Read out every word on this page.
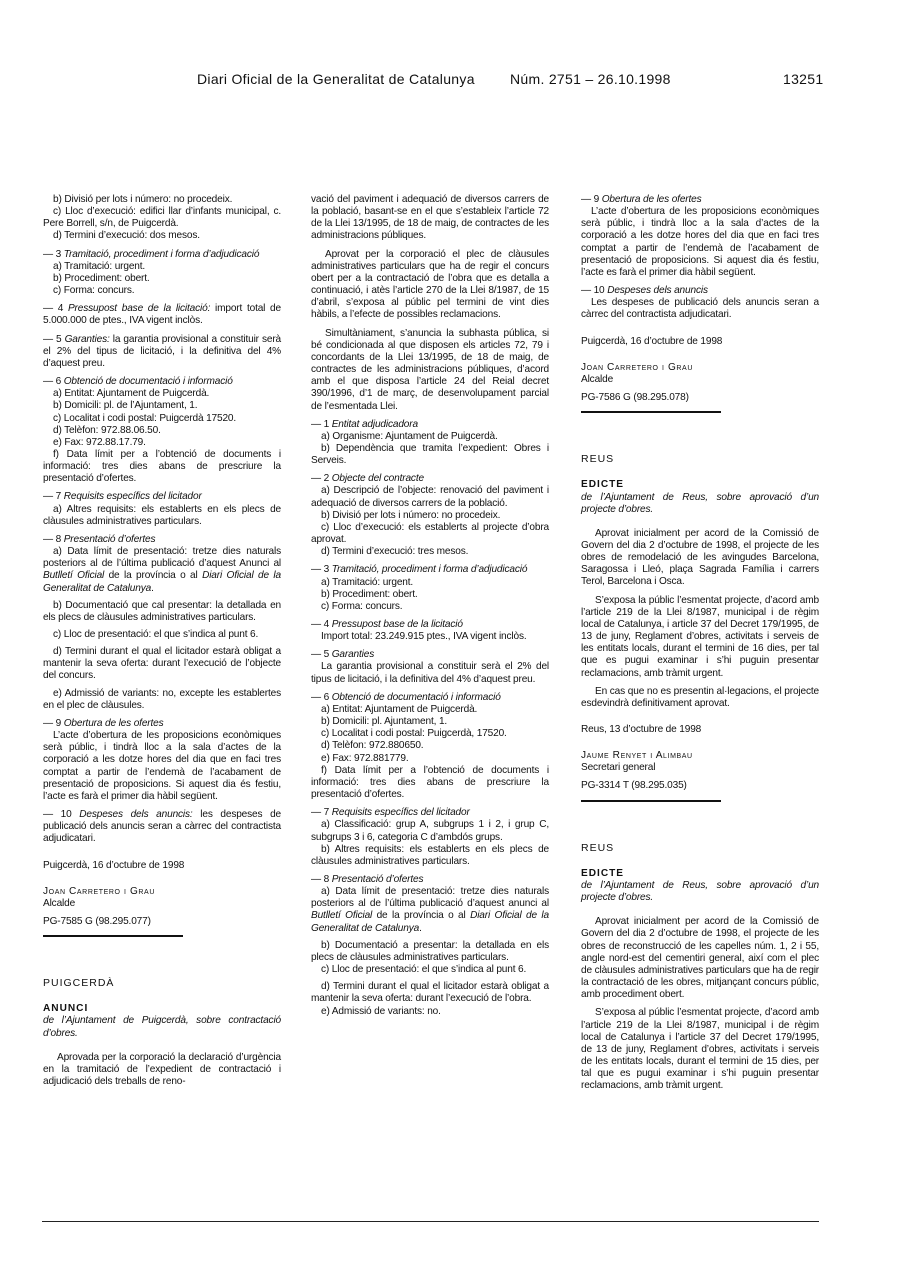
Diari Oficial de la Generalitat de Catalunya	Núm. 2751 – 26.10.1998	13251

b) Divisió per lots i número: no procedeix.

c) Lloc d’execució: edifici llar d’infants municipal, c. Pere Borrell, s/n, de Puigcerdà.

d) Termini d’execució: dos mesos.

— 3 Tramitació, procediment i forma d’adjudicació

a) Tramitació: urgent.

b) Procediment: obert.

c) Forma: concurs.

— 4 Pressupost base de la licitació: import total de 5.000.000 de ptes., IVA vigent inclòs.

— 5 Garanties: la garantia provisional a constituir serà el 2% del tipus de licitació, i la definitiva del 4% d’aquest preu.

— 6 Obtenció de documentació i informació

a) Entitat: Ajuntament de Puigcerdà.

b) Domicili: pl. de l’Ajuntament, 1.

c) Localitat i codi postal: Puigcerdà 17520.

d) Telèfon: 972.88.06.50.

e) Fax: 972.88.17.79.

f) Data límit per a l’obtenció de documents i informació: tres dies abans de prescriure la presentació d’ofertes.

— 7 Requisits específics del licitador

a) Altres requisits: els establerts en els plecs de clàusules administratives particulars.

— 8 Presentació d’ofertes

a) Data límit de presentació: tretze dies naturals posteriors al de l’última publicació d’aquest Anunci al Butlletí Oficial de la província o al Diari Oficial de la Generalitat de Catalunya.

b) Documentació que cal presentar: la detallada en els plecs de clàusules administratives particulars.

c) Lloc de presentació: el que s’indica al punt 6.

d) Termini durant el qual el licitador estarà obligat a mantenir la seva oferta: durant l’execució de l’objecte del concurs.

e) Admissió de variants: no, excepte les establertes en el plec de clàusules.

— 9 Obertura de les ofertes

L’acte d’obertura de les proposicions econòmiques serà públic, i tindrà lloc a la sala d’actes de la corporació a les dotze hores del dia que en faci tres comptat a partir de l’endemà de l’acabament de presentació de proposicions. Si aquest dia és festiu, l’acte es farà el primer dia hàbil següent.

— 10 Despeses dels anuncis: les despeses de publicació dels anuncis seran a càrrec del contractista adjudicatari.

Puigcerdà, 16 d’octubre de 1998

Joan Carretero i Grau

Alcalde

PG-7585 G (98.295.077)

PUIGCERDÀ

ANUNCI

de l’Ajuntament de Puigcerdà, sobre contractació d’obres.

Aprovada per la corporació la declaració d’urgència en la tramitació de l’expedient de contractació i adjudicació dels treballs de reno-

vació del paviment i adequació de diversos carrers de la població, basant-se en el que s’estableix l’article 72 de la Llei 13/1995, de 18 de maig, de contractes de les administracions públiques.

Aprovat per la corporació el plec de clàusules administratives particulars que ha de regir el concurs obert per a la contractació de l’obra que es detalla a continuació, i atès l’article 270 de la Llei 8/1987, de 15 d’abril, s’exposa al públic pel termini de vint dies hàbils, a l’efecte de possibles reclamacions.

Simultàniament, s’anuncia la subhasta pública, si bé condicionada al que disposen els articles 72, 79 i concordants de la Llei 13/1995, de 18 de maig, de contractes de les administracions públiques, d’acord amb el que disposa l’article 24 del Reial decret 390/1996, d’1 de març, de desenvolupament parcial de l’esmentada Llei.

— 1 Entitat adjudicadora

a) Organisme: Ajuntament de Puigcerdà.

b) Dependència que tramita l’expedient: Obres i Serveis.

— 2 Objecte del contracte

a) Descripció de l’objecte: renovació del paviment i adequació de diversos carrers de la població.

b) Divisió per lots i número: no procedeix.

c) Lloc d’execució: els establerts al projecte d’obra aprovat.

d) Termini d’execució: tres mesos.

— 3 Tramitació, procediment i forma d’adjudicació

a) Tramitació: urgent.

b) Procediment: obert.

c) Forma: concurs.

— 4 Pressupost base de la licitació

Import total: 23.249.915 ptes., IVA vigent inclòs.

— 5 Garanties

La garantia provisional a constituir serà el 2% del tipus de licitació, i la definitiva del 4% d’aquest preu.

— 6 Obtenció de documentació i informació

a) Entitat: Ajuntament de Puigcerdà.

b) Domicili: pl. Ajuntament, 1.

c) Localitat i codi postal: Puigcerdà, 17520.

d) Telèfon: 972.880650.

e) Fax: 972.881779.

f) Data límit per a l’obtenció de documents i informació: tres dies abans de prescriure la presentació d’ofertes.

— 7 Requisits específics del licitador

a) Classificació: grup A, subgrups 1 i 2, i grup C, subgrups 3 i 6, categoria C d’ambdós grups.

b) Altres requisits: els establerts en els plecs de clàusules administratives particulars.

— 8 Presentació d’ofertes

a) Data límit de presentació: tretze dies naturals posteriors al de l’última publicació d’aquest anunci al Butlletí Oficial de la província o al Diari Oficial de la Generalitat de Catalunya.

b) Documentació a presentar: la detallada en els plecs de clàusules administratives particulars.

c) Lloc de presentació: el que s’indica al punt 6.

d) Termini durant el qual el licitador estarà obligat a mantenir la seva oferta: durant l’execució de l’obra.

e) Admissió de variants: no.

— 9 Obertura de les ofertes

L’acte d’obertura de les proposicions econòmiques serà públic, i tindrà lloc a la sala d’actes de la corporació a les dotze hores del dia que en faci tres comptat a partir de l’endemà de l’acabament de presentació de proposicions. Si aquest dia és festiu, l’acte es farà el primer dia hàbil següent.

— 10 Despeses dels anuncis

Les despeses de publicació dels anuncis seran a càrrec del contractista adjudicatari.

Puigcerdà, 16 d’octubre de 1998

Joan Carretero i Grau

Alcalde

PG-7586 G (98.295.078)

REUS

EDICTE

de l’Ajuntament de Reus, sobre aprovació d’un projecte d’obres.

Aprovat inicialment per acord de la Comissió de Govern del dia 2 d’octubre de 1998, el projecte de les obres de remodelació de les avingudes Barcelona, Saragossa i Lleó, plaça Sagrada Família i carrers Terol, Barcelona i Osca.

S’exposa la públic l’esmentat projecte, d’acord amb l’article 219 de la Llei 8/1987, municipal i de règim local de Catalunya, i article 37 del Decret 179/1995, de 13 de juny, Reglament d’obres, activitats i serveis de les entitats locals, durant el termini de 16 dies, per tal que es pugui examinar i s’hi puguin presentar reclamacions, amb tràmit urgent.

En cas que no es presentin al·legacions, el projecte esdevindrà definitivament aprovat.

Reus, 13 d’octubre de 1998

Jaume Renyet i Alimbau

Secretari general

PG-3314 T (98.295.035)

REUS

EDICTE

de l’Ajuntament de Reus, sobre aprovació d’un projecte d’obres.

Aprovat inicialment per acord de la Comissió de Govern del dia 2 d’octubre de 1998, el projecte de les obres de reconstrucció de les capelles núm. 1, 2 i 55, angle nord-est del cementiri general, així com el plec de clàusules administratives particulars que ha de regir la contractació de les obres, mitjançant concurs públic, amb procediment obert.

S’exposa al públic l’esmentat projecte, d’acord amb l’article 219 de la Llei 8/1987, municipal i de règim local de Catalunya i l’article 37 del Decret 179/1995, de 13 de juny, Reglament d’obres, activitats i serveis de les entitats locals, durant el termini de 15 dies, per tal que es pugui examinar i s’hi puguin presentar reclamacions, amb tràmit urgent.
